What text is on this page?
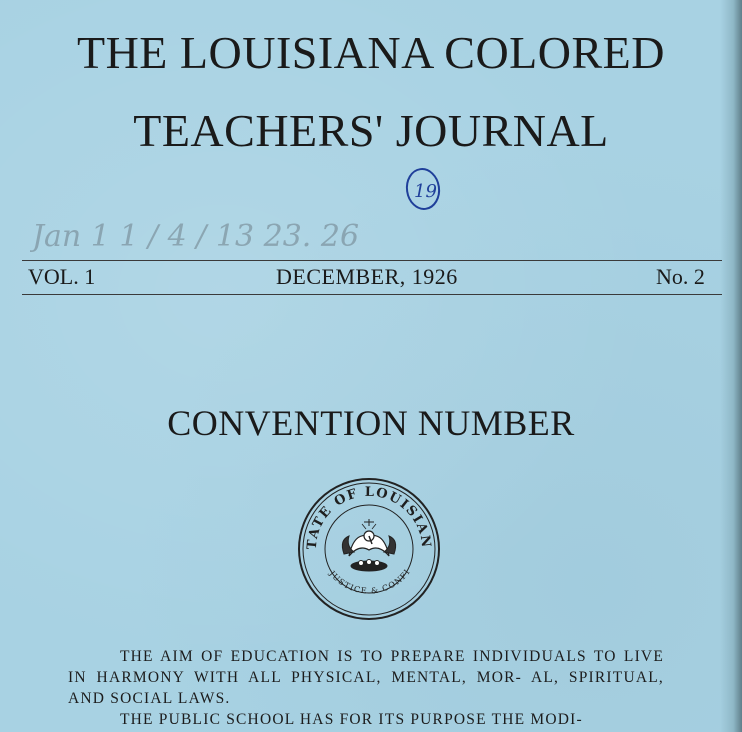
THE LOUISIANA COLORED
TEACHERS' JOURNAL
19
Jan 1 1 / 4 / 13 23. 26
VOL. 1	DECEMBER, 1926	No. 2
CONVENTION NUMBER
TATE OF LOUISIAN
JUSTICE & CONFI

THE AIM OF EDUCATION IS TO PREPARE INDIVIDUALS TO LIVE IN HARMONY WITH ALL PHYSICAL, MENTAL, MOR- AL, SPIRITUAL, AND SOCIAL LAWS.

THE PUBLIC SCHOOL HAS FOR ITS PURPOSE THE MODI-
